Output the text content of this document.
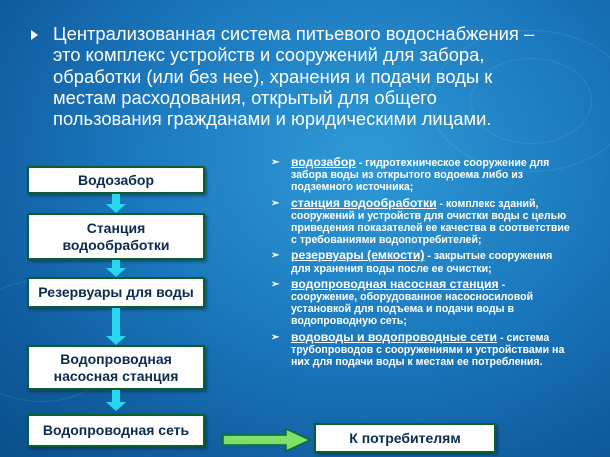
Централизованная система питьевого водоснабжения –
это комплекс устройств и сооружений для забора,
обработки (или без нее), хранения и подачи воды к
местам расходования, открытый для общего
пользования гражданами и юридическими лицами.
Водозабор
Станция водообработки
Резервуары для воды
Водопроводная насосная станция
Водопроводная сеть	К потребителям
➢ водозабор - гидротехническое сооружение для
забора воды из открытого водоема либо из
подземного источника;
➢ станция водообработки - комплекс зданий,
сооружений и устройств для очистки воды с целью
приведения показателей ее качества в соответствие
с требованиями водопотребителей;
➢ резервуары (емкости) - закрытые сооружения
для хранения воды после ее очистки;
➢ водопроводная насосная станция -
сооружение, оборудованное насосносиловой
установкой для подъема и подачи воды в
водопроводную сеть;
➢ водоводы и водопроводные сети - система
трубопроводов с сооружениями и устройствами на
них для подачи воды к местам ее потребления.
